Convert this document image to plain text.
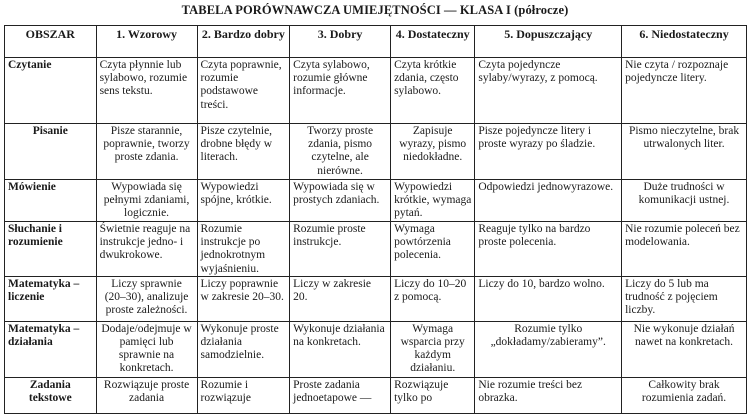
TABELA PORÓWNAWCZA UMIEJĘTNOŚCI — KLASA I (półrocze)
OBSZAR	1. Wzorowy	2. Bardzo dobry	3. Dobry	4. Dostateczny	5. Dopuszczający	6. Niedostateczny
Czytanie	Czyta płynnie lub sylabowo, rozumie sens tekstu.	Czyta poprawnie, rozumie podstawowe treści.	Czyta sylabowo, rozumie główne informacje.	Czyta krótkie zdania, często sylabowo.	Czyta pojedyncze sylaby/wyrazy, z pomocą.	Nie czyta / rozpoznaje pojedyncze litery.
Pisanie	Pisze starannie, poprawnie, tworzy proste zdania.	Pisze czytelnie, drobne błędy w literach.	Tworzy proste zdania, pismo czytelne, ale nierówne.	Zapisuje wyrazy, pismo niedokładne.	Pisze pojedyncze litery i proste wyrazy po śladzie.	Pismo nieczytelne, brak utrwalonych liter.
Mówienie	Wypowiada się pełnymi zdaniami, logicznie.	Wypowiedzi spójne, krótkie.	Wypowiada się w prostych zdaniach.	Wypowiedzi krótkie, wymaga pytań.	Odpowiedzi jednowyrazowe.	Duże trudności w komunikacji ustnej.
Słuchanie i rozumienie	Świetnie reaguje na instrukcje jedno- i dwukrokowe.	Rozumie instrukcje po jednokrotnym wyjaśnieniu.	Rozumie proste instrukcje.	Wymaga powtórzenia polecenia.	Reaguje tylko na bardzo proste polecenia.	Nie rozumie poleceń bez modelowania.
Matematyka – liczenie	Liczy sprawnie (20–30), analizuje proste zależności.	Liczy poprawnie w zakresie 20–30.	Liczy w zakresie 20.	Liczy do 10–20 z pomocą.	Liczy do 10, bardzo wolno.	Liczy do 5 lub ma trudność z pojęciem liczby.
Matematyka – działania	Dodaje/odejmuje w pamięci lub sprawnie na konkretach.	Wykonuje proste działania samodzielnie.	Wykonuje działania na konkretach.	Wymaga wsparcia przy każdym działaniu.	Rozumie tylko „dokładamy/zabieramy”.	Nie wykonuje działań nawet na konkretach.
Zadania tekstowe	Rozwiązuje proste zadania	Rozumie i rozwiązuje	Proste zadania jednoetapowe —	Rozwiązuje tylko po	Nie rozumie treści bez obrazka.	Całkowity brak rozumienia zadań.
